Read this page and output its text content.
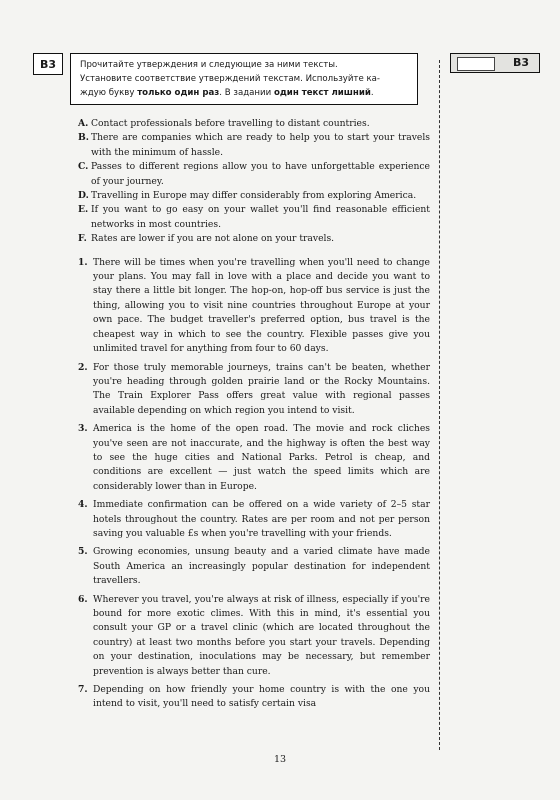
B3	Прочитайте утверждения и следующие за ними тексты.
Установите соответствие утверждений текстам. Используйте ка-
ждую букву только один раз. В задании один текст лишний.
B3
A. Contact professionals before travelling to distant countries.
B. There are companies which are ready to help you to start your travels with the minimum of hassle.
C. Passes to different regions allow you to have unforgettable experience of your journey.
D. Travelling in Europe may differ considerably from exploring America.
E. If you want to go easy on your wallet you'll find reasonable efficient networks in most countries.
F. Rates are lower if you are not alone on your travels.
1. There will be times when you're travelling when you'll need to change your plans. You may fall in love with a place and decide you want to stay there a little bit longer. The hop-on, hop-off bus service is just the thing, allowing you to visit nine countries throughout Europe at your own pace. The budget traveller's preferred option, bus travel is the cheapest way in which to see the country. Flexible passes give you unlimited travel for anything from four to 60 days.
2. For those truly memorable journeys, trains can't be beaten, whether you're heading through golden prairie land or the Rocky Mountains. The Train Explorer Pass offers great value with regional passes available depending on which region you intend to visit.
3. America is the home of the open road. The movie and rock cliches you've seen are not inaccurate, and the highway is often the best way to see the huge cities and National Parks. Petrol is cheap, and conditions are excellent — just watch the speed limits which are considerably lower than in Europe.
4. Immediate confirmation can be offered on a wide variety of 2–5 star hotels throughout the country. Rates are per room and not per person saving you valuable £s when you're travelling with your friends.
5. Growing economies, unsung beauty and a varied climate have made South America an increasingly popular destination for independent travellers.
6. Wherever you travel, you're always at risk of illness, especially if you're bound for more exotic climes. With this in mind, it's essential you consult your GP or a travel clinic (which are located throughout the country) at least two months before you start your travels. Depending on your destination, inoculations may be necessary, but remember prevention is always better than cure.
7. Depending on how friendly your home country is with the one you intend to visit, you'll need to satisfy certain visa
13
